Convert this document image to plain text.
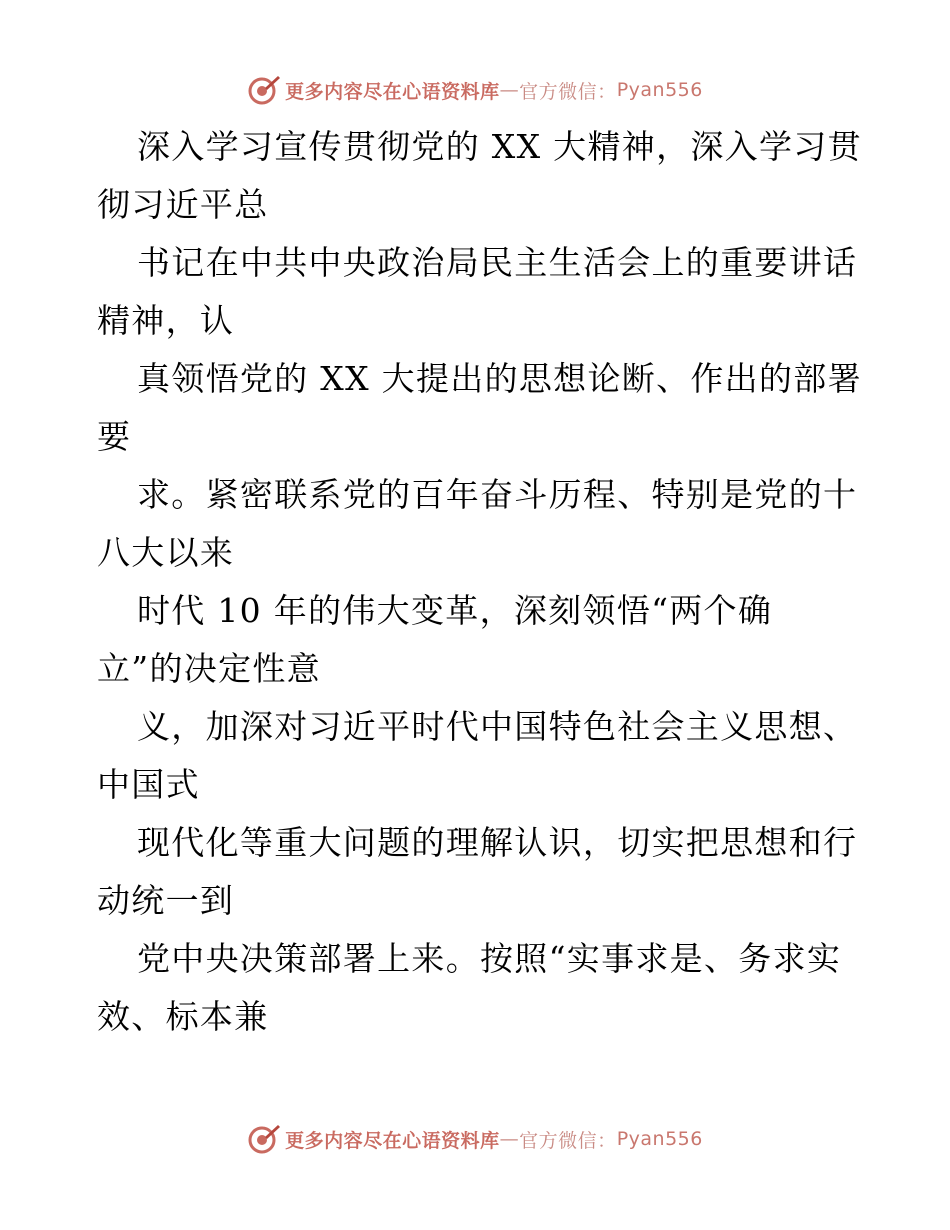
更多内容尽在心语资料库 — 官方微信： Pyan556

深入学习宣传贯彻党的 XX 大精神，深入学习贯
彻习近平总

书记在中共中央政治局民主生活会上的重要讲话
精神，认

真领悟党的 XX 大提出的思想论断、作出的部署
要

求。紧密联系党的百年奋斗历程、特别是党的十
八大以来

时代 10 年的伟大变革，深刻领悟“两个确
立”的决定性意

义，加深对习近平时代中国特色社会主义思想、
中国式

现代化等重大问题的理解认识，切实把思想和行
动统一到

党中央决策部署上来。按照“实事求是、务求实
效、标本兼

更多内容尽在心语资料库 — 官方微信： Pyan556
